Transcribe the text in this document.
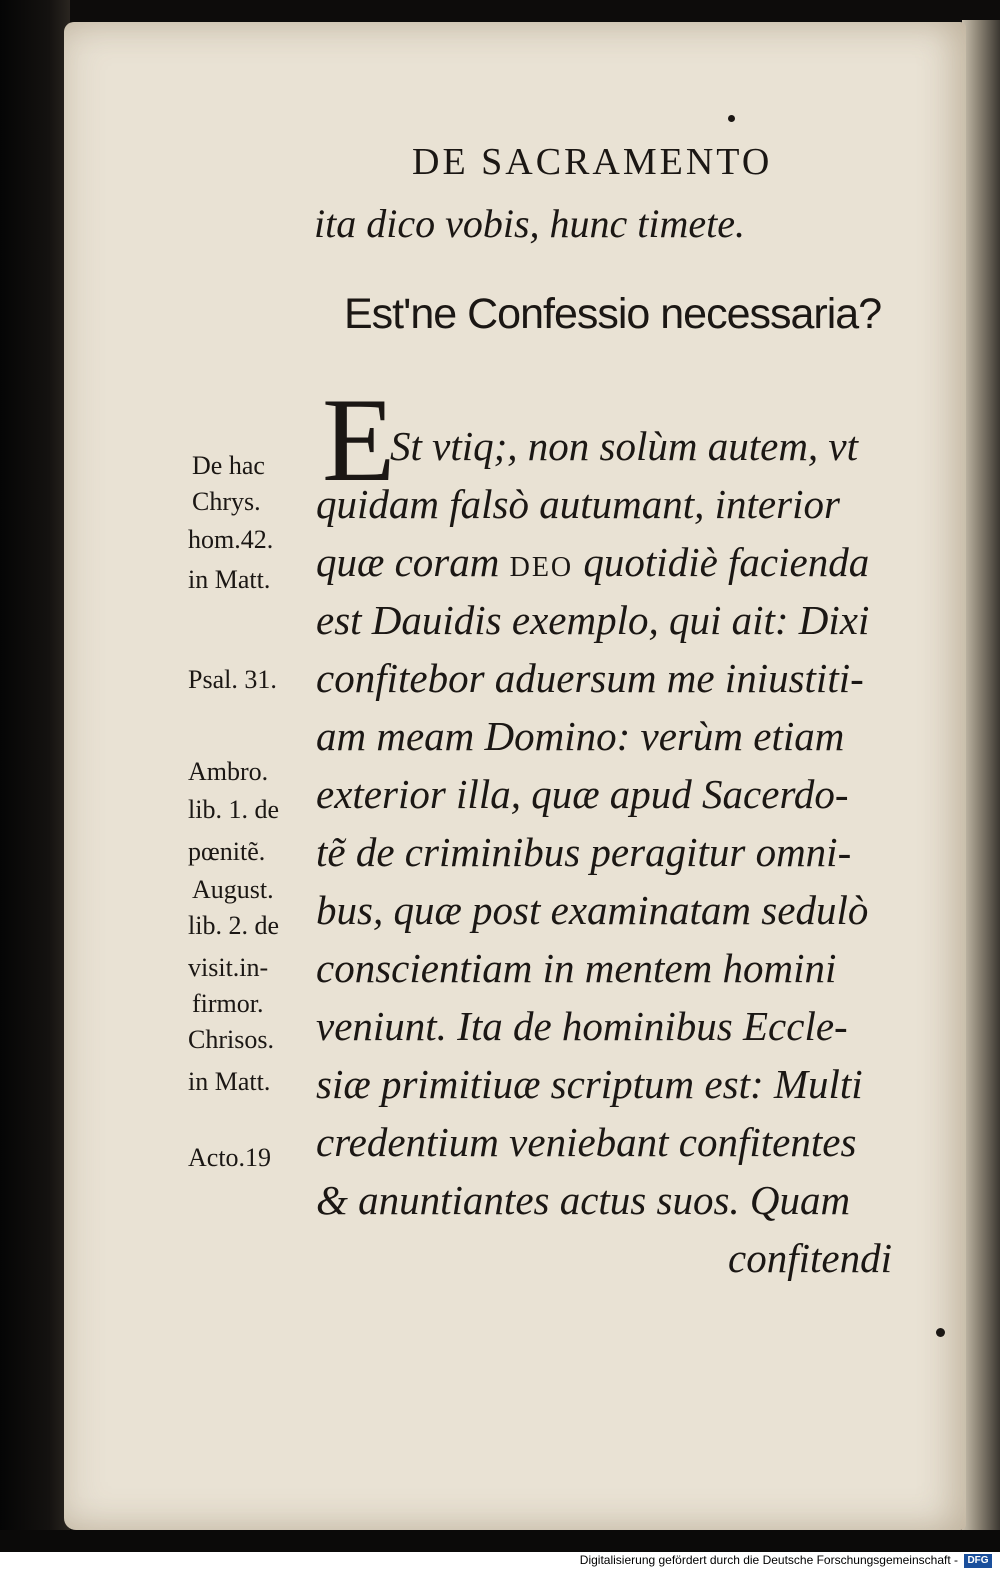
DE SACRAMENTO
ita dico vobis, hunc timete.
Est'ne Confessio necessaria?
E
St vtiq;, non solùm autem, vt
quidam falsò autumant, interior
quæ coram DEO quotidiè facienda
est Dauidis exemplo, qui ait: Dixi
confitebor aduersum me iniustiti-
am meam Domino: verùm etiam
exterior illa, quæ apud Sacerdo-
tẽ de criminibus peragitur omni-
bus, quæ post examinatam sedulò
conscientiam in mentem homini
veniunt. Ita de hominibus Eccle-
siæ primitiuæ scriptum est: Multi
credentium veniebant confitentes
& anuntiantes actus suos. Quam
confitendi
De hac
Chrys.
hom.42.
in Matt.
Psal. 31.
Ambro.
lib. 1. de
pœnitẽ.
August.
lib. 2. de
visit.in-
firmor.
Chrisos.
in Matt.
Acto.19
Digitalisierung gefördert durch die Deutsche Forschungsgemeinschaft - DFG
